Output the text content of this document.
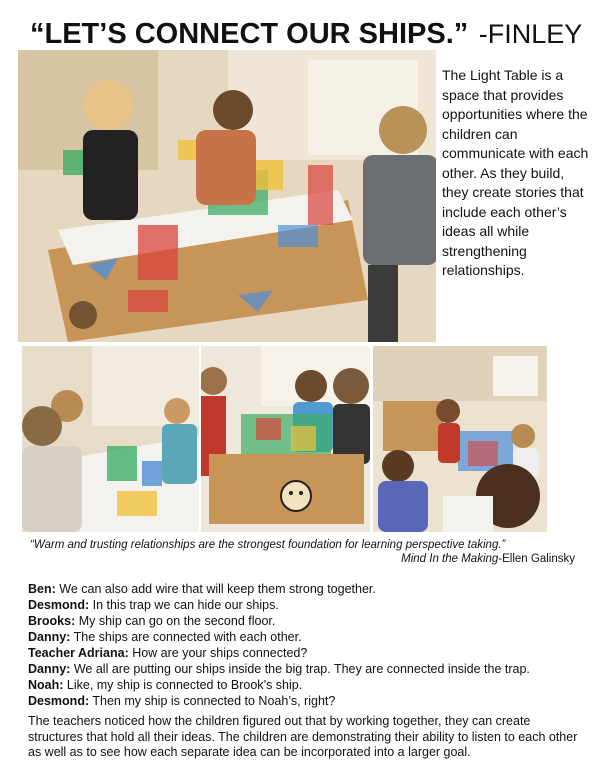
“LET’S CONNECT OUR SHIPS.” -FINLEY
The Light Table is a space that provides opportunities where the children can communicate with each other. As they build, they create stories that include each other’s ideas all while strengthening relationships.
“Warm and trusting relationships are the strongest foundation for learning perspective taking.”
Mind In the Making-Ellen Galinsky
Ben: We can also add wire that will keep them strong together.
Desmond: In this trap we can hide our ships.
Brooks: My ship can go on the second floor.
Danny: The ships are connected with each other.
Teacher Adriana: How are your ships connected?
Danny: We all are putting our ships inside the big trap. They are connected inside the trap.
Noah: Like, my ship is connected to Brook’s ship.
Desmond: Then my ship is connected to Noah’s, right?
The teachers noticed how the children figured out that by working together, they can create structures that hold all their ideas. The children are demonstrating their ability to listen to each other as well as to see how each separate idea can be incorporated into a larger goal.
